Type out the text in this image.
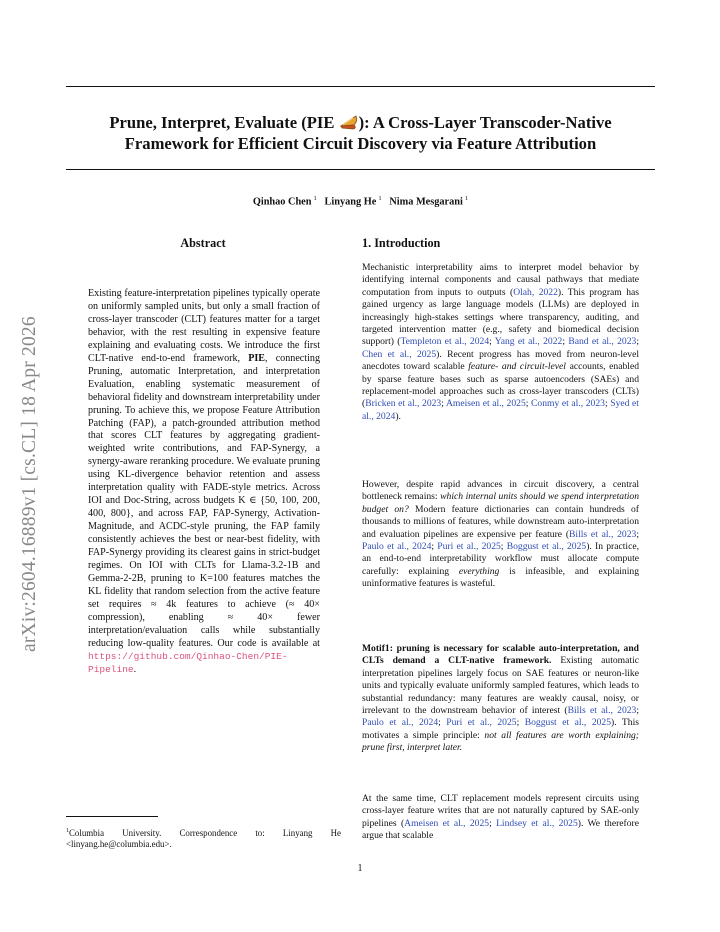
Prune, Interpret, Evaluate (PIE ): A Cross-Layer Transcoder-Native
Framework for Efficient Circuit Discovery via Feature Attribution
Qinhao Chen  $^1$ Linyang He  $^1$ Nima Mesgarani  $^1$
arXiv:2604.16889v1 [cs.CL] 18 Apr 2026
Abstract
Existing feature-interpretation pipelines typically operate on uniformly sampled units, but only a small fraction of cross-layer transcoder (CLT) features matter for a target behavior, with the rest resulting in expensive feature explaining and evaluating costs. We introduce the first CLT-native end-to-end framework, PIE, connecting Pruning, automatic Interpretation, and interpretation Evaluation, enabling systematic measurement of behavioral fidelity and downstream interpretability under pruning. To achieve this, we propose Feature Attribution Patching (FAP), a patch-grounded attribution method that scores CLT features by aggregating gradient-weighted write contributions, and FAP-Synergy, a synergy-aware reranking procedure. We evaluate pruning using KL-divergence behavior retention and assess interpretation quality with FADE-style metrics. Across IOI and Doc-String, across budgets K ∈ {50, 100, 200, 400, 800}, and across FAP, FAP-Synergy, Activation-Magnitude, and ACDC-style pruning, the FAP family consistently achieves the best or near-best fidelity, with FAP-Synergy providing its clearest gains in strict-budget regimes. On IOI with CLTs for Llama-3.2-1B and Gemma-2-2B, pruning to K=100 features matches the KL fidelity that random selection from the active feature set requires ≈ 4k features to achieve (≈ 40× compression), enabling ≈ 40× fewer interpretation/evaluation calls while substantially reducing low-quality features. Our code is available at https://github.com/Qinhao-Chen/PIE-Pipeline.
$^1$Columbia University. Correspondence to: Linyang He <linyang.he@columbia.edu>.
1. Introduction

Mechanistic interpretability aims to interpret model behavior by identifying internal components and causal pathways that mediate computation from inputs to outputs (Olah, 2022). This program has gained urgency as large language models (LLMs) are deployed in increasingly high-stakes settings where transparency, auditing, and targeted intervention matter (e.g., safety and biomedical decision support) (Templeton et al., 2024; Yang et al., 2022; Band et al., 2023; Chen et al., 2025). Recent progress has moved from neuron-level anecdotes toward scalable feature- and circuit-level accounts, enabled by sparse feature bases such as sparse autoencoders (SAEs) and replacement-model approaches such as cross-layer transcoders (CLTs) (Bricken et al., 2023; Ameisen et al., 2025; Conmy et al., 2023; Syed et al., 2024).

However, despite rapid advances in circuit discovery, a central bottleneck remains: which internal units should we spend interpretation budget on? Modern feature dictionaries can contain hundreds of thousands to millions of features, while downstream auto-interpretation and evaluation pipelines are expensive per feature (Bills et al., 2023; Paulo et al., 2024; Puri et al., 2025; Boggust et al., 2025). In practice, an end-to-end interpretability workflow must allocate compute carefully: explaining everything is infeasible, and explaining uninformative features is wasteful.

Motif1: pruning is necessary for scalable auto-interpretation, and CLTs demand a CLT-native framework. Existing automatic interpretation pipelines largely focus on SAE features or neuron-like units and typically evaluate uniformly sampled features, which leads to substantial redundancy: many features are weakly causal, noisy, or irrelevant to the downstream behavior of interest (Bills et al., 2023; Paulo et al., 2024; Puri et al., 2025; Boggust et al., 2025). This motivates a simple principle: not all features are worth explaining; prune first, interpret later.

At the same time, CLT replacement models represent circuits using cross-layer feature writes that are not naturally captured by SAE-only pipelines (Ameisen et al., 2025; Lindsey et al., 2025). We therefore argue that scalable

1
